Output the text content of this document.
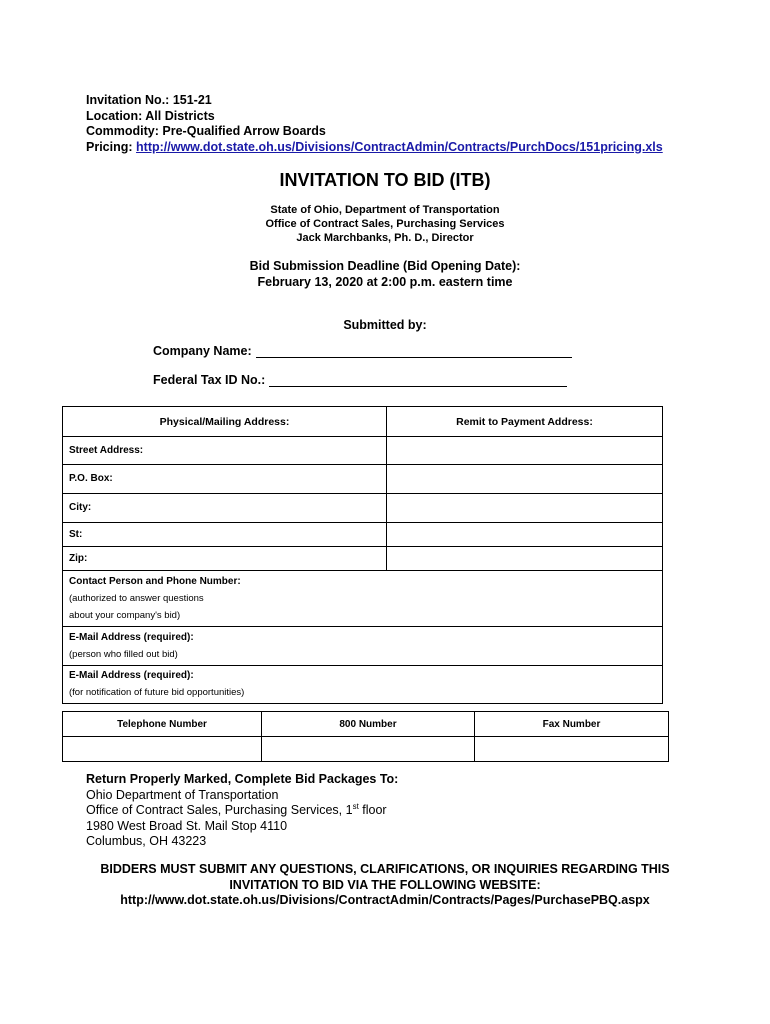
Invitation No.: 151-21
Location: All Districts
Commodity: Pre-Qualified Arrow Boards
Pricing: http://www.dot.state.oh.us/Divisions/ContractAdmin/Contracts/PurchDocs/151pricing.xls
INVITATION TO BID (ITB)
State of Ohio, Department of Transportation
Office of Contract Sales, Purchasing Services
Jack Marchbanks, Ph. D., Director
Bid Submission Deadline (Bid Opening Date):
February 13, 2020 at 2:00 p.m. eastern time
Submitted by:
Company Name:
Federal Tax ID No.:
Physical/Mailing Address:	Remit to Payment Address:

Street Address:	

P.O. Box:	

City:	

St:	

Zip:	

Contact Person and Phone Number:
(authorized to answer questions
about your company's bid)	

E-Mail Address (required):
(person who filled out bid)	

E-Mail Address (required):
(for notification of future bid opportunities)	
Telephone Number	800 Number	Fax Number

Return Properly Marked, Complete Bid Packages To:
Ohio Department of Transportation
Office of Contract Sales, Purchasing Services, 1st floor
1980 West Broad St. Mail Stop 4110
Columbus, OH 43223
BIDDERS MUST SUBMIT ANY QUESTIONS, CLARIFICATIONS, OR INQUIRIES REGARDING THIS
INVITATION TO BID VIA THE FOLLOWING WEBSITE:
http://www.dot.state.oh.us/Divisions/ContractAdmin/Contracts/Pages/PurchasePBQ.aspx
